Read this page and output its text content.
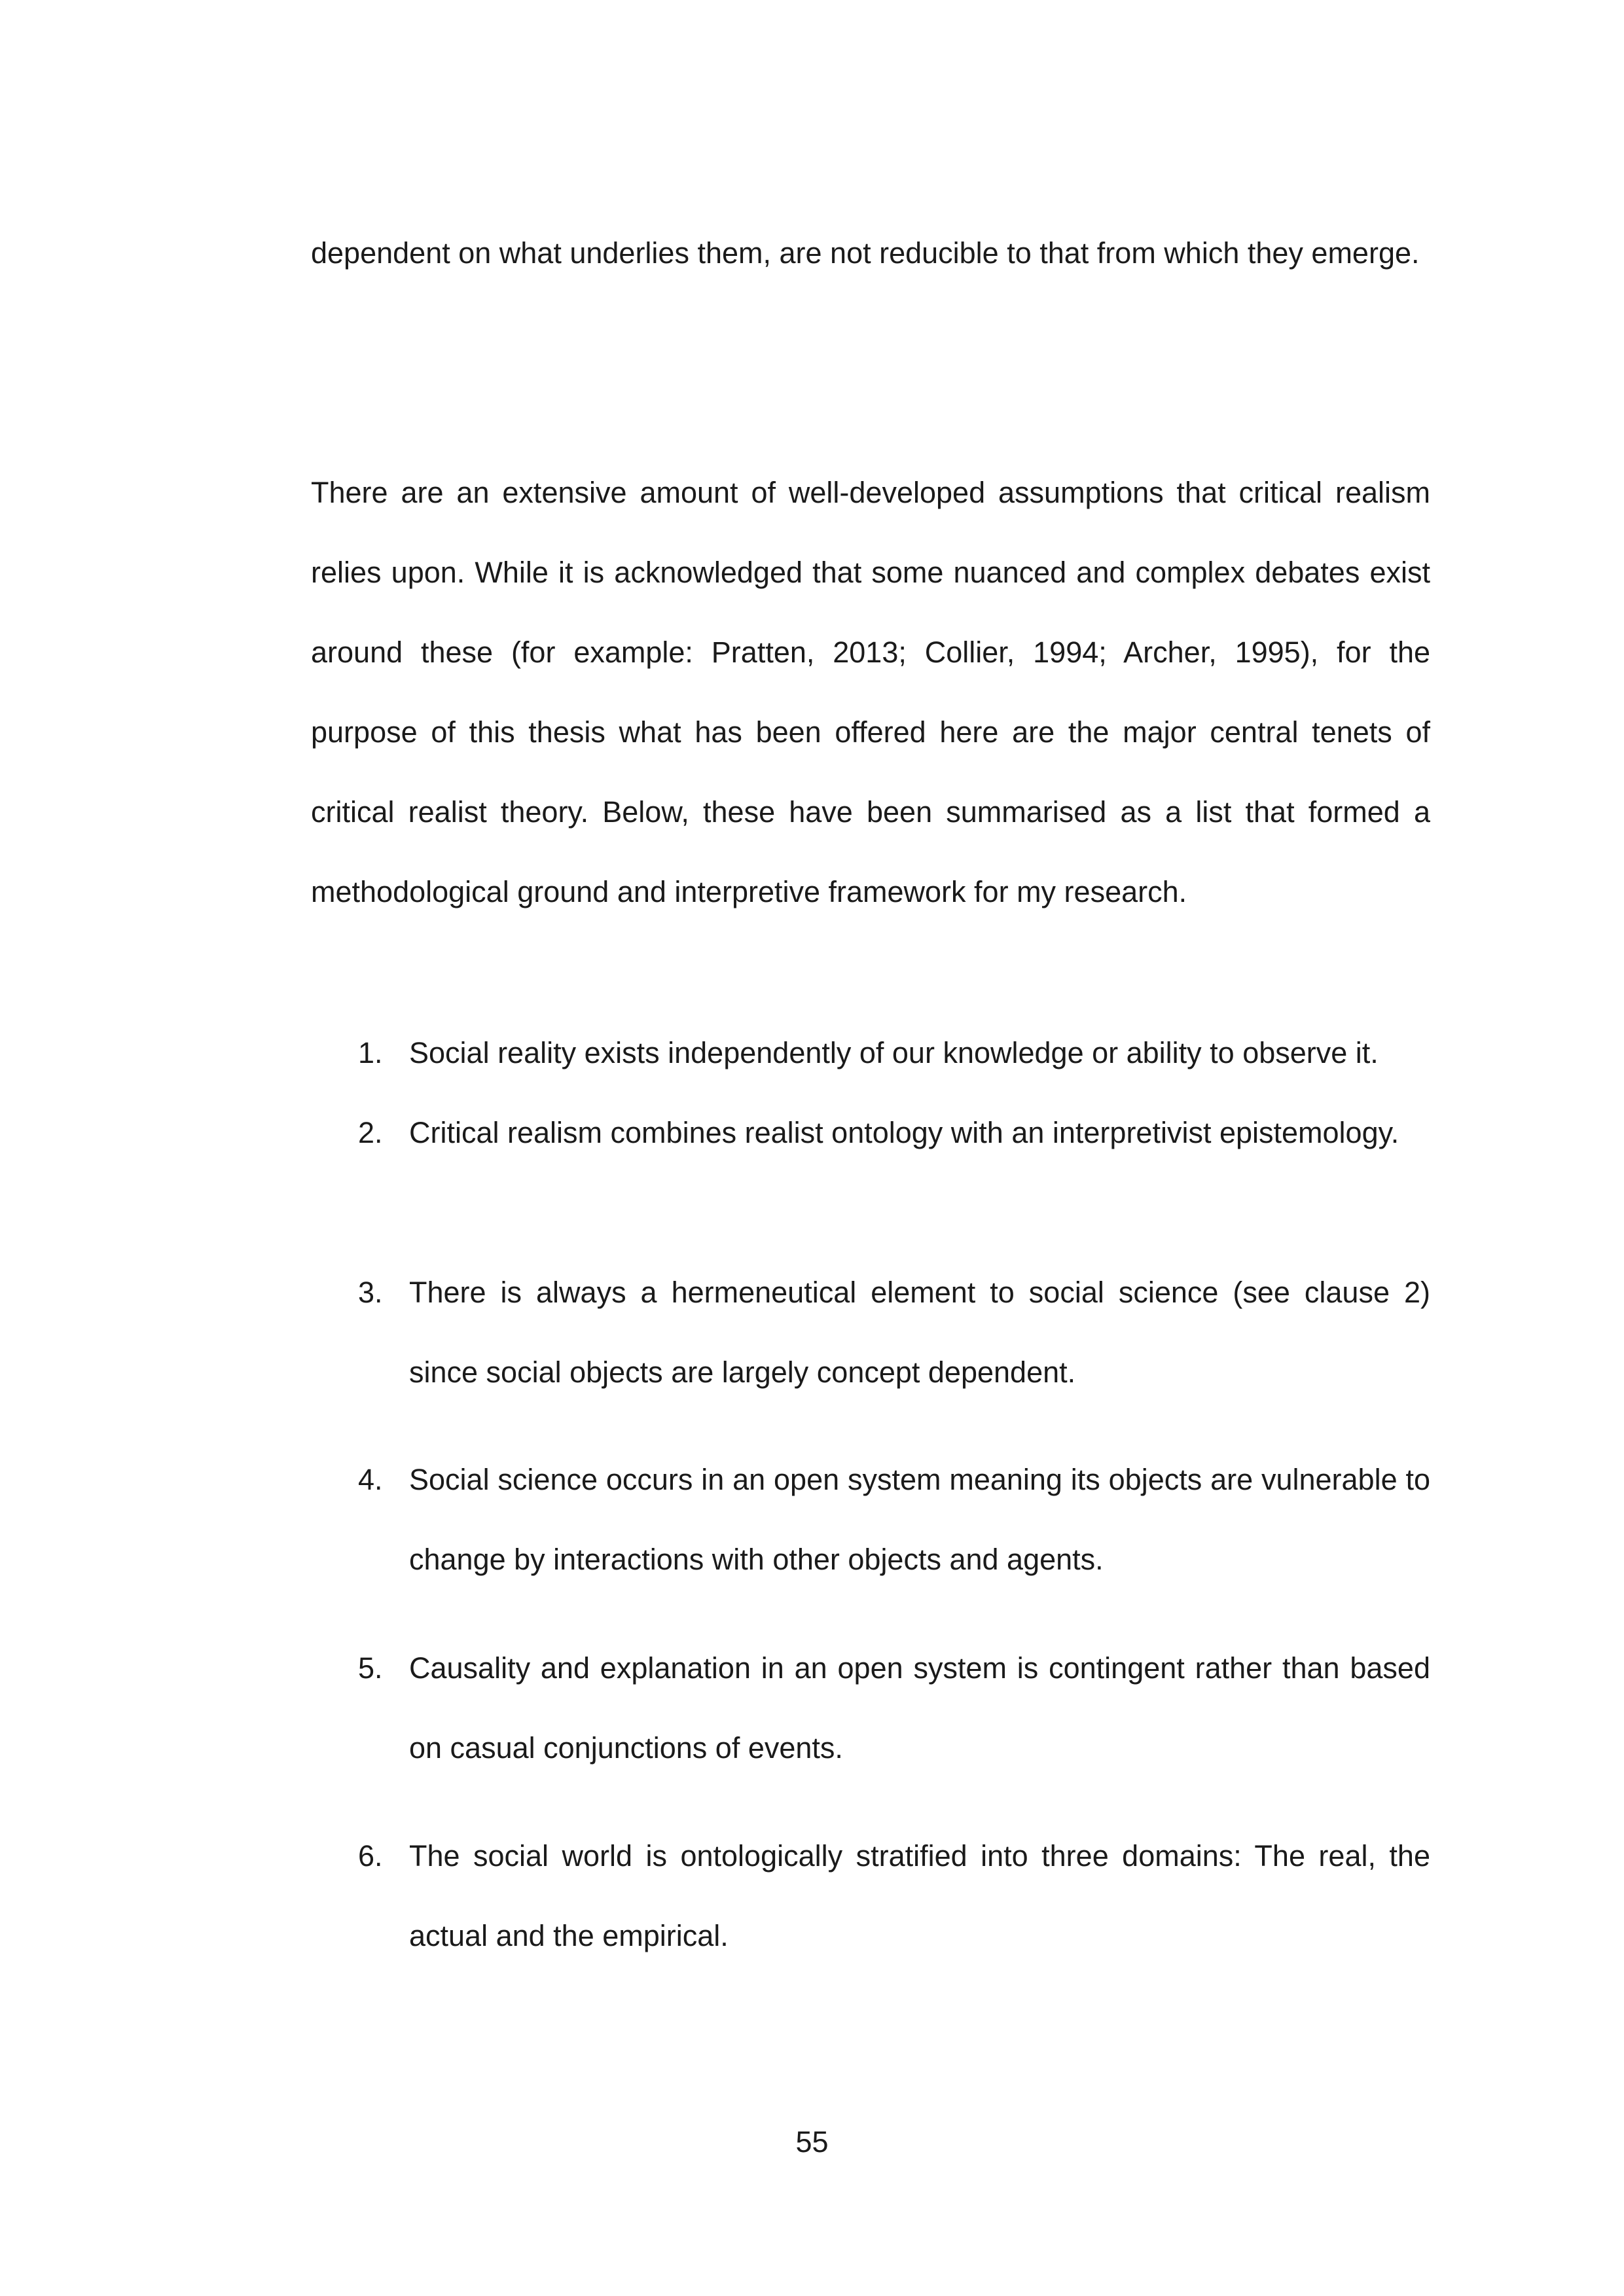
dependent on what underlies them, are not reducible to that from which they emerge.

There are an extensive amount of well-developed assumptions that critical realism relies upon. While it is acknowledged that some nuanced and complex debates exist around these (for example: Pratten, 2013; Collier, 1994; Archer, 1995), for the purpose of this thesis what has been offered here are the major central tenets of critical realist theory. Below, these have been summarised as a list that formed a methodological ground and interpretive framework for my research.

1. Social reality exists independently of our knowledge or ability to observe it.
2. Critical realism combines realist ontology with an interpretivist epistemology.
3. There is always a hermeneutical element to social science (see clause 2) since social objects are largely concept dependent.
4. Social science occurs in an open system meaning its objects are vulnerable to change by interactions with other objects and agents.
5. Causality and explanation in an open system is contingent rather than based on casual conjunctions of events.
6. The social world is ontologically stratified into three domains: The real, the actual and the empirical.
55
